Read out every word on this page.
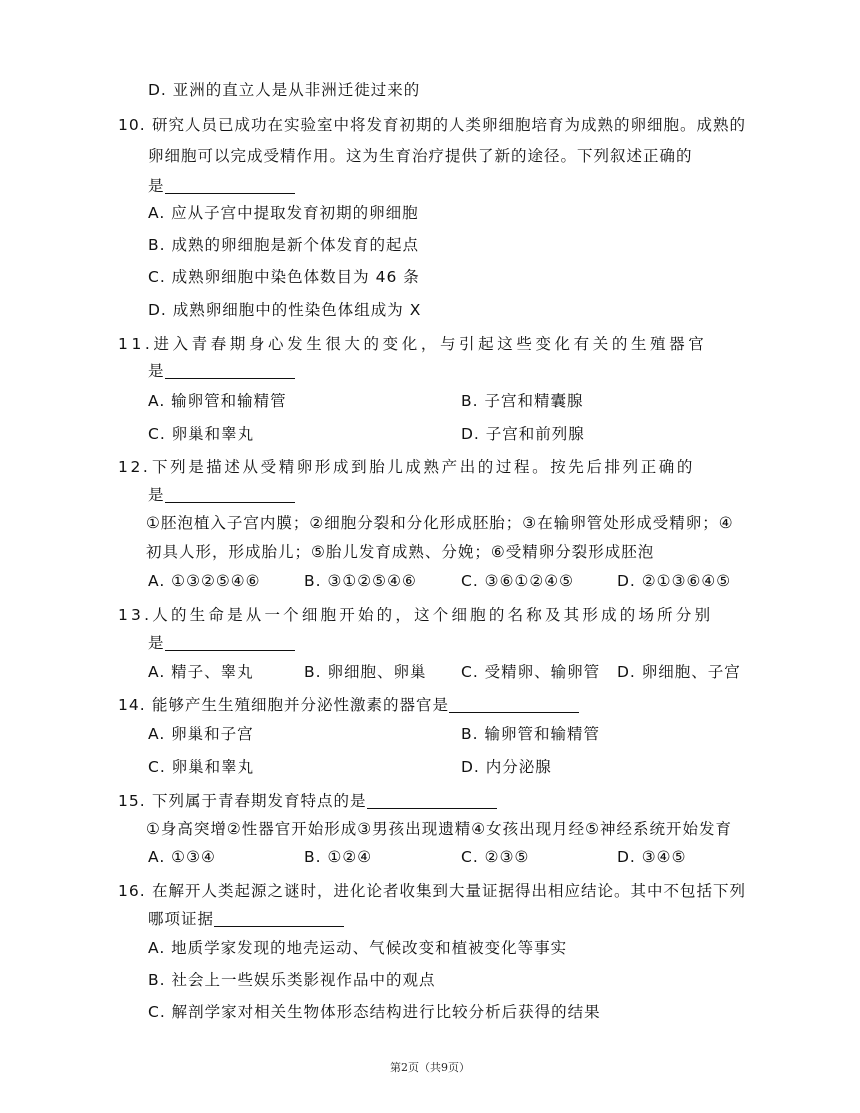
D. 亚洲的直立人是从非洲迁徙过来的
10. 研究人员已成功在实验室中将发育初期的人类卵细胞培育为成熟的卵细胞。成熟的
卵细胞可以完成受精作用。这为生育治疗提供了新的途径。下列叙述正确的
是
A. 应从子宫中提取发育初期的卵细胞
B. 成熟的卵细胞是新个体发育的起点
C. 成熟卵细胞中染色体数目为 46 条
D. 成熟卵细胞中的性染色体组成为 X
11.进入青春期身心发生很大的变化，与引起这些变化有关的生殖器官
是
A. 输卵管和输精管	B. 子宫和精囊腺
C. 卵巢和睾丸	D. 子宫和前列腺
12.下列是描述从受精卵形成到胎儿成熟产出的过程。按先后排列正确的
是
①胚泡植入子宫内膜；②细胞分裂和分化形成胚胎；③在输卵管处形成受精卵；④
初具人形，形成胎儿；⑤胎儿发育成熟、分娩；⑥受精卵分裂形成胚泡
A. ①③②⑤④⑥	B. ③①②⑤④⑥	C. ③⑥①②④⑤	D. ②①③⑥④⑤
13.人的生命是从一个细胞开始的，这个细胞的名称及其形成的场所分别
是
A. 精子、睾丸	B. 卵细胞、卵巢 C. 受精卵、输卵管 D. 卵细胞、子宫
14. 能够产生生殖细胞并分泌性激素的器官是
A. 卵巢和子宫	B. 输卵管和输精管
C. 卵巢和睾丸	D. 内分泌腺
15. 下列属于青春期发育特点的是
①身高突增②性器官开始形成③男孩出现遗精④女孩出现月经⑤神经系统开始发育
A. ①③④	B. ①②④	C. ②③⑤	D. ③④⑤
16. 在解开人类起源之谜时，进化论者收集到大量证据得出相应结论。其中不包括下列
哪项证据
A. 地质学家发现的地壳运动、气候改变和植被变化等事实
B. 社会上一些娱乐类影视作品中的观点
C. 解剖学家对相关生物体形态结构进行比较分析后获得的结果
第2页（共9页）
